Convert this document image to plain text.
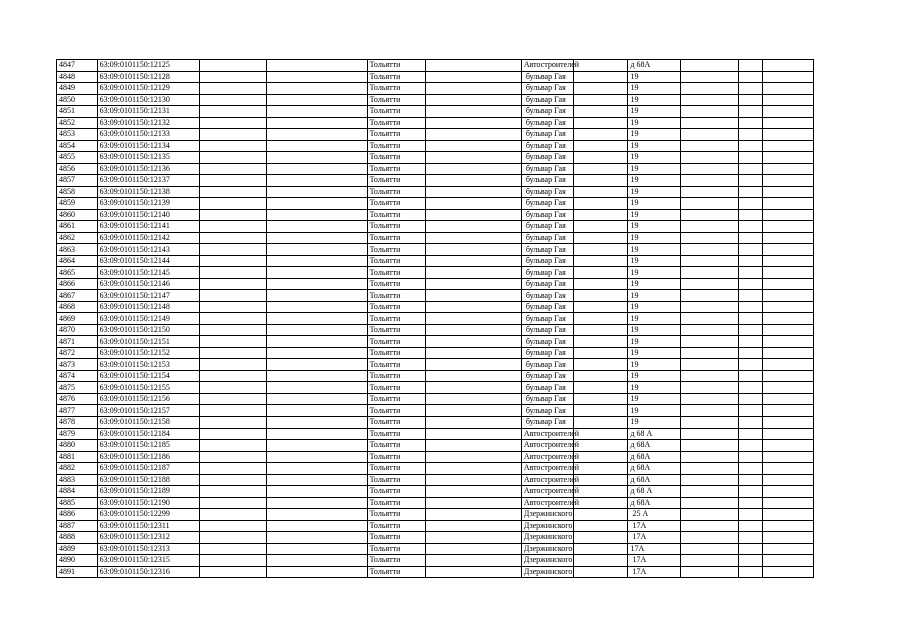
4847	63:09:0101150:12125			Тольятти		Автостроителей		д 68А			
4848	63:09:0101150:12128			Тольятти		бульвар Гая		19			
4849	63:09:0101150:12129			Тольятти		бульвар Гая		19			
4850	63:09:0101150:12130			Тольятти		бульвар Гая		19			
4851	63:09:0101150:12131			Тольятти		бульвар Гая		19			
4852	63:09:0101150:12132			Тольятти		бульвар Гая		19			
4853	63:09:0101150:12133			Тольятти		бульвар Гая		19			
4854	63:09:0101150:12134			Тольятти		бульвар Гая		19			
4855	63:09:0101150:12135			Тольятти		бульвар Гая		19			
4856	63:09:0101150:12136			Тольятти		бульвар Гая		19			
4857	63:09:0101150:12137			Тольятти		бульвар Гая		19			
4858	63:09:0101150:12138			Тольятти		бульвар Гая		19			
4859	63:09:0101150:12139			Тольятти		бульвар Гая		19			
4860	63:09:0101150:12140			Тольятти		бульвар Гая		19			
4861	63:09:0101150:12141			Тольятти		бульвар Гая		19			
4862	63:09:0101150:12142			Тольятти		бульвар Гая		19			
4863	63:09:0101150:12143			Тольятти		бульвар Гая		19			
4864	63:09:0101150:12144			Тольятти		бульвар Гая		19			
4865	63:09:0101150:12145			Тольятти		бульвар Гая		19			
4866	63:09:0101150:12146			Тольятти		бульвар Гая		19			
4867	63:09:0101150:12147			Тольятти		бульвар Гая		19			
4868	63:09:0101150:12148			Тольятти		бульвар Гая		19			
4869	63:09:0101150:12149			Тольятти		бульвар Гая		19			
4870	63:09:0101150:12150			Тольятти		бульвар Гая		19			
4871	63:09:0101150:12151			Тольятти		бульвар Гая		19			
4872	63:09:0101150:12152			Тольятти		бульвар Гая		19			
4873	63:09:0101150:12153			Тольятти		бульвар Гая		19			
4874	63:09:0101150:12154			Тольятти		бульвар Гая		19			
4875	63:09:0101150:12155			Тольятти		бульвар Гая		19			
4876	63:09:0101150:12156			Тольятти		бульвар Гая		19			
4877	63:09:0101150:12157			Тольятти		бульвар Гая		19			
4878	63:09:0101150:12158			Тольятти		бульвар Гая		19			
4879	63:09:0101150:12184			Тольятти		Автостроителей		д 68 А			
4880	63:09:0101150:12185			Тольятти		Автостроителей		д 68А			
4881	63:09:0101150:12186			Тольятти		Автостроителей		д 68А			
4882	63:09:0101150:12187			Тольятти		Автостроителей		д 68А			
4883	63:09:0101150:12188			Тольятти		Автостроителей		д 68А			
4884	63:09:0101150:12189			Тольятти		Автостроителей		д 68 А			
4885	63:09:0101150:12190			Тольятти		Автостроителей		д 68А			
4886	63:09:0101150:12299			Тольятти		Дзержинского		25 А			
4887	63:09:0101150:12311			Тольятти		Дзержинского		17А			
4888	63:09:0101150:12312			Тольятти		Дзержинского		17А			
4889	63:09:0101150:12313			Тольятти		Дзержинского		17А			
4890	63:09:0101150:12315			Тольятти		Дзержинского		17А			
4891	63:09:0101150:12316			Тольятти		Дзержинского		17А			
